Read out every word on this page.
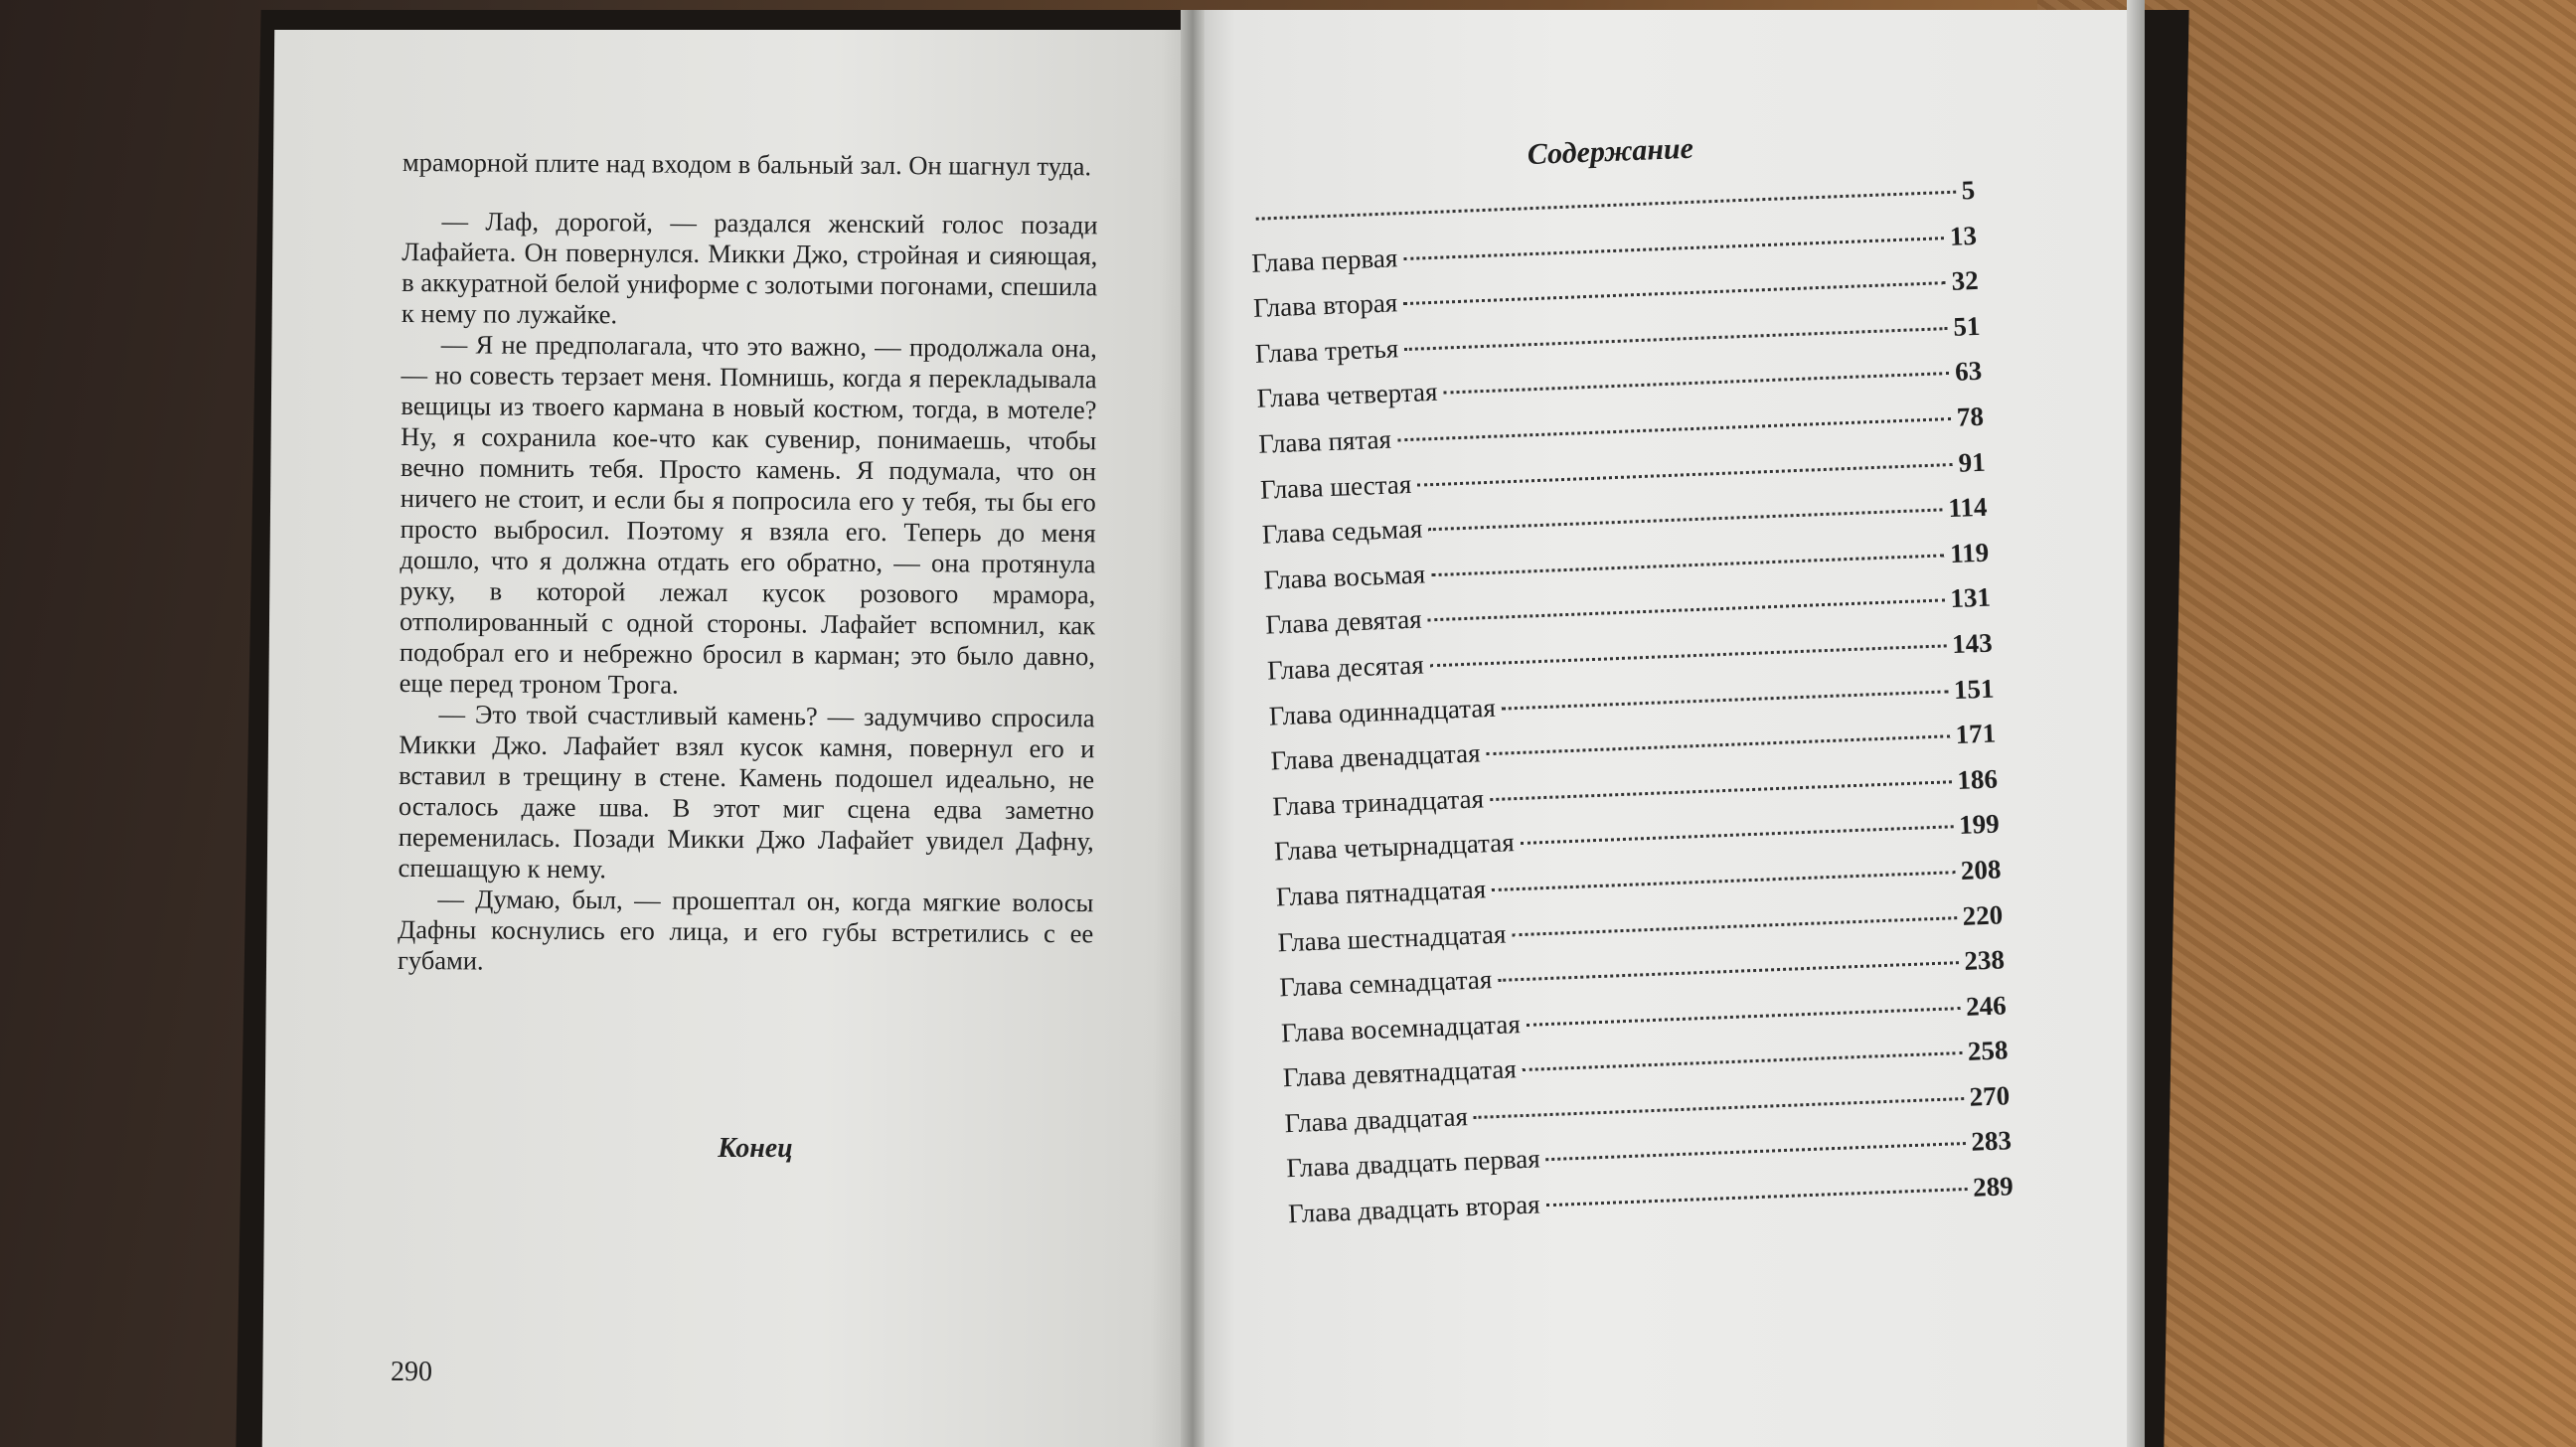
мраморной плите над входом в бальный зал. Он шагнул туда.

— Лаф, дорогой, — раздался женский голос позади Лафайета. Он повернулся. Микки Джо, стройная и сияющая, в аккуратной белой униформе с золотыми погонами, спешила к нему по лужайке.

— Я не предполагала, что это важно, — продолжала она, — но совесть терзает меня. Помнишь, когда я перекладывала вещицы из твоего кармана в новый костюм, тогда, в мотеле? Ну, я сохранила кое-что как сувенир, понимаешь, чтобы вечно помнить тебя. Просто камень. Я подумала, что он ничего не стоит, и если бы я попросила его у тебя, ты бы его просто выбросил. Поэтому я взяла его. Теперь до меня дошло, что я должна отдать его обратно, — она протянула руку, в которой лежал кусок розового мрамора, отполированный с одной стороны. Лафайет вспомнил, как подобрал его и небрежно бросил в карман; это было давно, еще перед троном Трога.

— Это твой счастливый камень? — задумчиво спросила Микки Джо. Лафайет взял кусок камня, повернул его и вставил в трещину в стене. Камень подошел идеально, не осталось даже шва. В этот миг сцена едва заметно переменилась. Позади Микки Джо Лафайет увидел Дафну, спешащую к нему.

— Думаю, был, — прошептал он, когда мягкие волосы Дафны коснулись его лица, и его губы встретились с ее губами.

Конец
290
Содержание
5
Глава первая
13
Глава вторая
32
Глава третья
51
Глава четвертая
63
Глава пятая
78
Глава шестая
91
Глава седьмая
114
Глава восьмая
119
Глава девятая
131
Глава десятая
143
Глава одиннадцатая
151
Глава двенадцатая
171
Глава тринадцатая
186
Глава четырнадцатая
199
Глава пятнадцатая
208
Глава шестнадцатая
220
Глава семнадцатая
238
Глава восемнадцатая
246
Глава девятнадцатая
258
Глава двадцатая
270
Глава двадцать первая
283
Глава двадцать вторая
289
